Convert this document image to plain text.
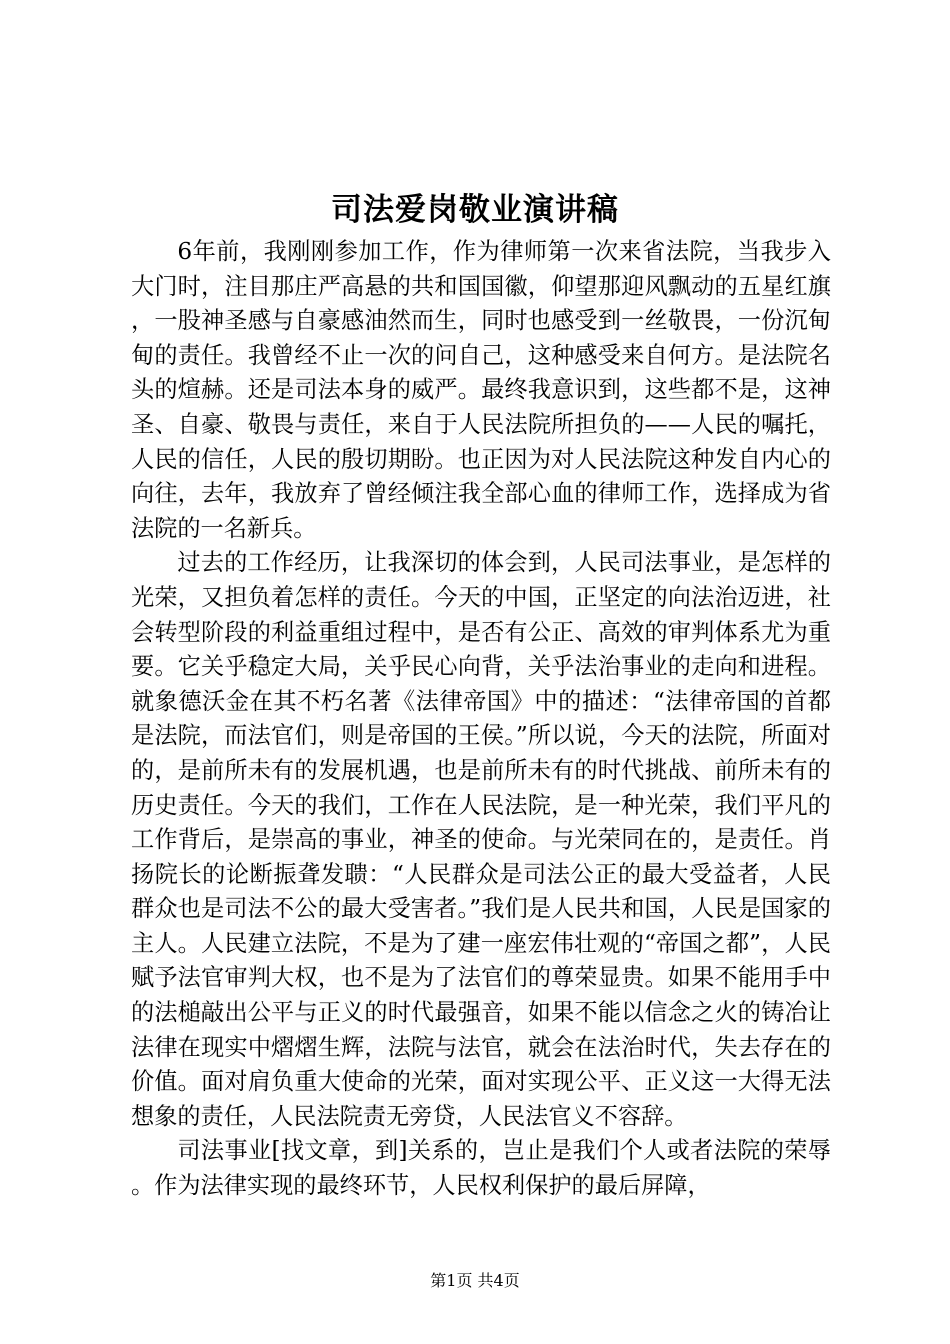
司法爱岗敬业演讲稿

6年前，我刚刚参加工作，作为律师第一次来省法院，当我步入大门时，注目那庄严高悬的共和国国徽，仰望那迎风飘动的五星红旗，一股神圣感与自豪感油然而生，同时也感受到一丝敬畏，一份沉甸甸的责任。我曾经不止一次的问自己，这种感受来自何方。是法院名头的煊赫。还是司法本身的威严。最终我意识到，这些都不是，这神圣、自豪、敬畏与责任，来自于人民法院所担负的——人民的嘱托，人民的信任，人民的殷切期盼。也正因为对人民法院这种发自内心的向往，去年，我放弃了曾经倾注我全部心血的律师工作，选择成为省法院的一名新兵。

过去的工作经历，让我深切的体会到，人民司法事业，是怎样的光荣，又担负着怎样的责任。今天的中国，正坚定的向法治迈进，社会转型阶段的利益重组过程中，是否有公正、高效的审判体系尤为重要。它关乎稳定大局，关乎民心向背，关乎法治事业的走向和进程。就象德沃金在其不朽名著《法律帝国》中的描述：“法律帝国的首都是法院，而法官们，则是帝国的王侯。”所以说，今天的法院，所面对的，是前所未有的发展机遇，也是前所未有的时代挑战、前所未有的历史责任。今天的我们，工作在人民法院，是一种光荣，我们平凡的工作背后，是崇高的事业，神圣的使命。与光荣同在的，是责任。肖扬院长的论断振聋发聩：“人民群众是司法公正的最大受益者，人民群众也是司法不公的最大受害者。”我们是人民共和国，人民是国家的主人。人民建立法院，不是为了建一座宏伟壮观的“帝国之都”，人民赋予法官审判大权，也不是为了法官们的尊荣显贵。如果不能用手中的法槌敲出公平与正义的时代最强音，如果不能以信念之火的铸冶让法律在现实中熠熠生辉，法院与法官，就会在法治时代，失去存在的价值。面对肩负重大使命的光荣，面对实现公平、正义这一大得无法想象的责任，人民法院责无旁贷，人民法官义不容辞。

司法事业[找文章，到]关系的，岂止是我们个人或者法院的荣辱。作为法律实现的最终环节，人民权利保护的最后屏障，

第1页 共4页
